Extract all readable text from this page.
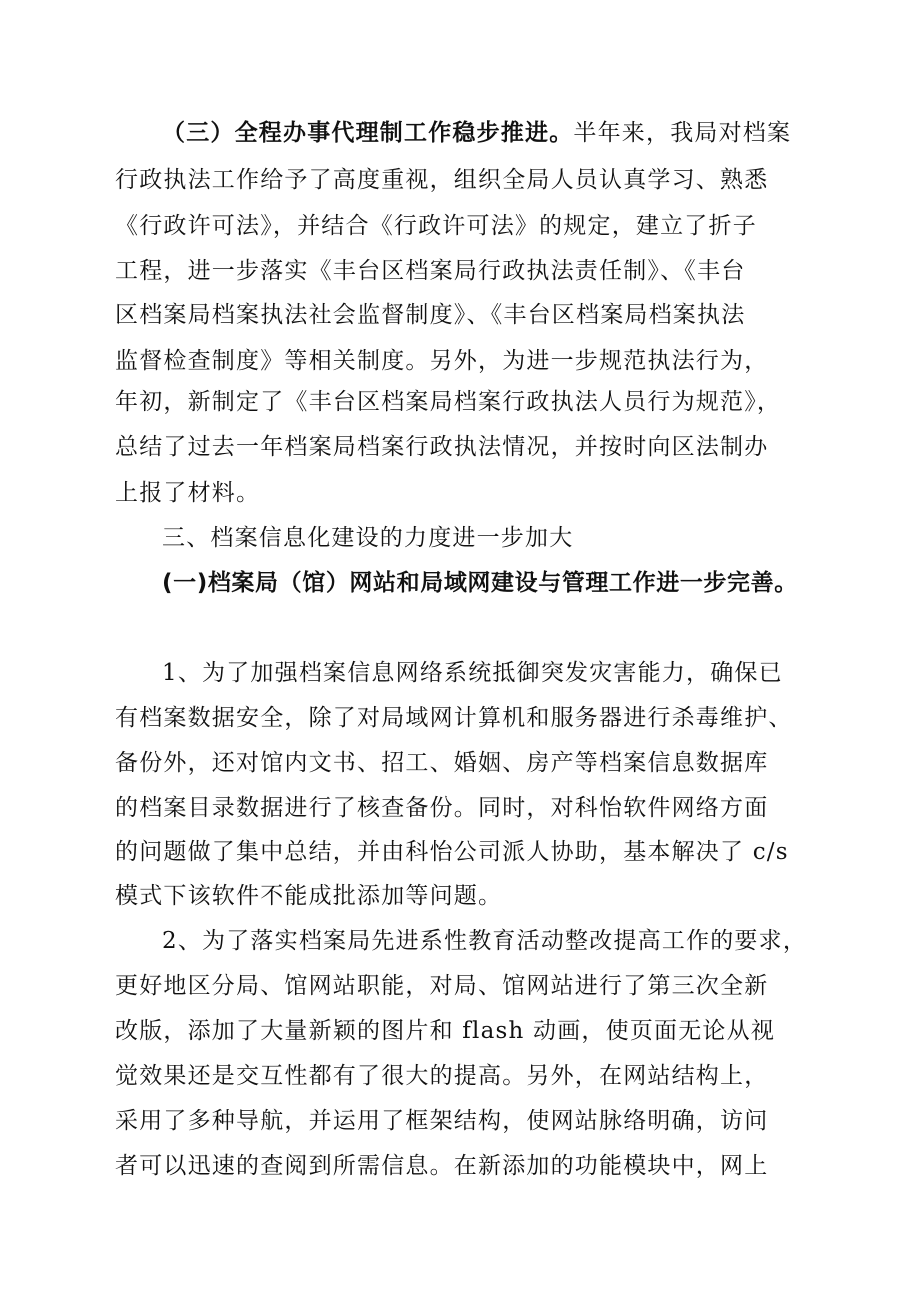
（三）全程办事代理制工作稳步推进。半年来，我局对档案
行政执法工作给予了高度重视，组织全局人员认真学习、熟悉
《行政许可法》，并结合《行政许可法》的规定，建立了折子
工程，进一步落实《丰台区档案局行政执法责任制》、《丰台
区档案局档案执法社会监督制度》、《丰台区档案局档案执法
监督检查制度》等相关制度。另外，为进一步规范执法行为，
年初，新制定了《丰台区档案局档案行政执法人员行为规范》，
总结了过去一年档案局档案行政执法情况，并按时向区法制办
上报了材料。
三、档案信息化建设的力度进一步加大
(一)档案局（馆）网站和局域网建设与管理工作进一步完善。
1、为了加强档案信息网络系统抵御突发灾害能力，确保已
有档案数据安全，除了对局域网计算机和服务器进行杀毒维护、
备份外，还对馆内文书、招工、婚姻、房产等档案信息数据库
的档案目录数据进行了核查备份。同时，对科怡软件网络方面
的问题做了集中总结，并由科怡公司派人协助，基本解决了 c/s
模式下该软件不能成批添加等问题。
2、为了落实档案局先进系性教育活动整改提高工作的要求，
更好地区分局、馆网站职能，对局、馆网站进行了第三次全新
改版，添加了大量新颖的图片和 flash 动画，使页面无论从视
觉效果还是交互性都有了很大的提高。另外，在网站结构上，
采用了多种导航，并运用了框架结构，使网站脉络明确，访问
者可以迅速的查阅到所需信息。在新添加的功能模块中，网上
